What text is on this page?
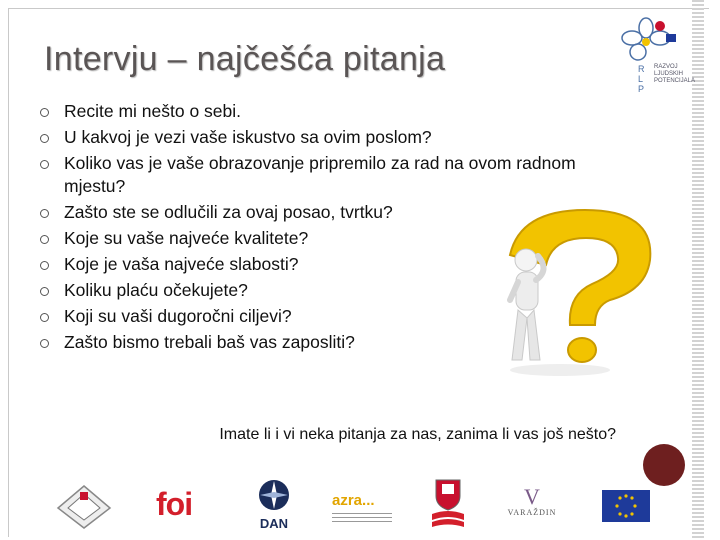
Intervju – najčešća pitanja	R
L
P
RAZVOJ
LJUDSKIH
POTENCIJALA
Recite mi nešto o sebi.
U kakvoj je vezi vaše iskustvo sa ovim poslom?
Koliko vas je vaše obrazovanje pripremilo za rad na ovom radnom mjestu?
Zašto ste se odlučili za ovaj posao, tvrtku?
Koje su vaše najveće kvalitete?
Koje je vaša najveće slabosti?
Koliku plaću očekujete?
Koji su vaši dugoročni ciljevi?
Zašto bismo trebali baš vas zaposliti?
Imate li i vi neka pitanja za nas, zanima li vas još nešto?
foi
DAN
azra...	V
VARAŽDIN
